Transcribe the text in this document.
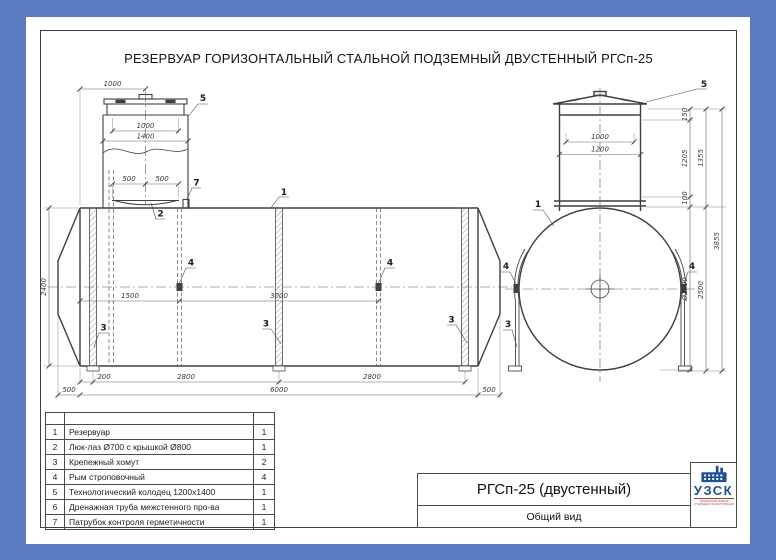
РЕЗЕРВУАР ГОРИЗОНТАЛЬНЫЙ СТАЛЬНОЙ ПОДЗЕМНЫЙ ДВУСТЕННЫЙ РГСп-25
1000
1000
1400
500	500
2400
1500	3000
200	2800	2800
500	6000	500
1
2
3	3	3
4	4
5
7
1000
1200
150
1205
100
Ø2400
1355
2500
3855
1
3
4	4
5

1	Резервуар	1
2	Люк-лаз Ø700 с крышкой Ø800	1
3	Крепежный хомут	2
4	Рым строповочный	4
5	Технологический колодец 1200х1400	1
6	Дренажная труба межстенного про-ва	1
7	Патрубок контроля герметичности	1
РГСп-25 (двустенный)
Общий вид
УЗСК
УРАЛЬСКИЙ ЗАВОД СТАЛЬНЫХ КОНСТРУКЦИЙ
